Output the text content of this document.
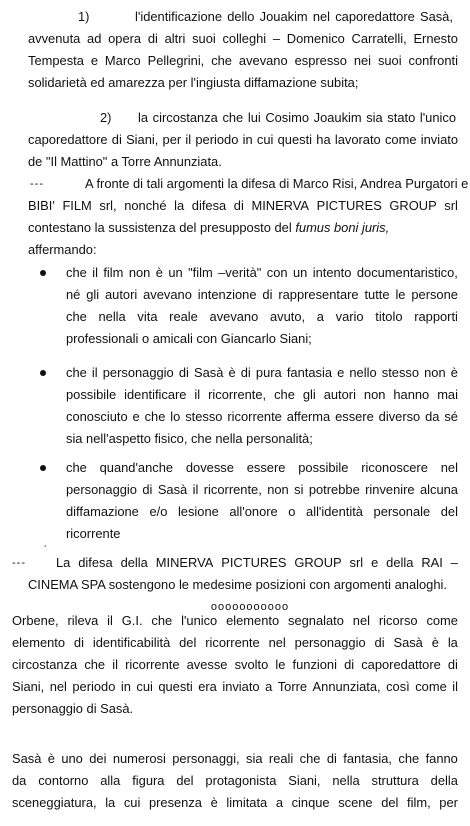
1)	l'identificazione dello Jouakim nel caporedattore Sasà,
avvenuta ad opera di altri suoi colleghi – Domenico Carratelli, Ernesto
Tempesta e Marco Pellegrini, che avevano espresso nei suoi confronti
solidarietà ed amarezza per l'ingiusta diffamazione subita;
2) la circostanza che lui Cosimo Joaukim sia stato l'unico
caporedattore di Siani, per il periodo in cui questi ha lavorato come inviato
de "Il Mattino" a Torre Annunziata.
---	A fronte di tali argomenti la difesa di Marco Risi, Andrea Purgatori e
BIBI' FILM srl, nonché la difesa di MINERVA PICTURES GROUP srl
contestano la sussistenza del presupposto del
fumus boni juris,
affermando:
che il film non è un "film –verità" con un intento documentaristico,
né gli autori avevano intenzione di rappresentare tutte le persone
che nella vita reale avevano avuto, a vario titolo rapporti
professionali o amicali con Giancarlo Siani;
che il personaggio di Sasà è di pura fantasia e nello stesso non è
possibile identificare il ricorrente, che gli autori non hanno mai
conosciuto e che lo stesso ricorrente afferma essere diverso da sé
sia nell'aspetto fisico, che nella personalità;
che quand'anche dovesse essere possibile riconoscere nel
personaggio di Sasà il ricorrente, non si potrebbe rinvenire alcuna
diffamazione e/o lesione all'onore o all'identità personale del
ricorrente
---
´
La difesa della MINERVA PICTURES GROUP srl e della RAI –
CINEMA SPA sostengono le medesime posizioni con argomenti analoghi.
ooooooooooo
Orbene, rileva il G.I. che l'unico elemento segnalato nel ricorso come
elemento di identificabilità del ricorrente nel personaggio di Sasà è la
circostanza che il ricorrente avesse svolto le funzioni di caporedattore di
Siani, nel periodo in cui questi era inviato a Torre Annunziata, così come il
personaggio di Sasà.
Sasà è uno dei numerosi personaggi, sia reali che di fantasia, che fanno
da contorno alla figura del protagonista Siani, nella struttura della
sceneggiatura, la cui presenza è limitata a cinque scene del film, per
